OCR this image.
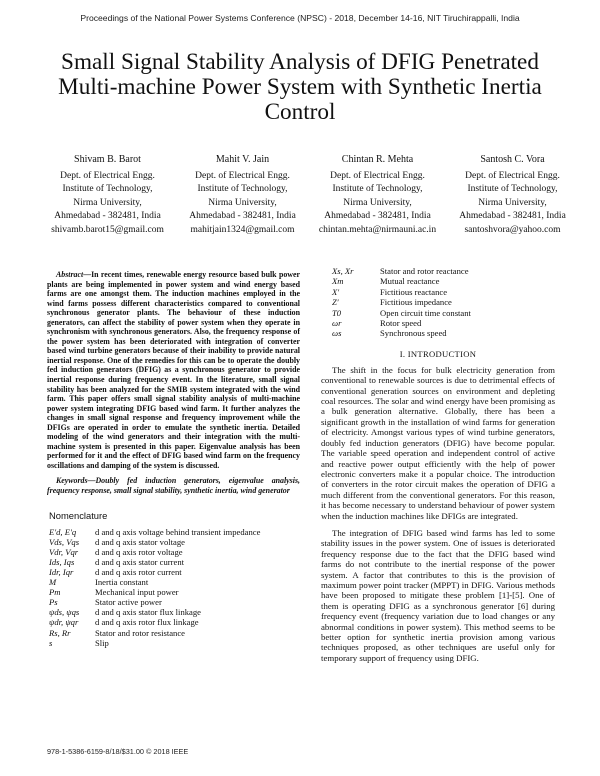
Proceedings of the National Power Systems Conference (NPSC) - 2018, December 14-16, NIT Tiruchirappalli, India
Small Signal Stability Analysis of DFIG Penetrated Multi-machine Power System with Synthetic Inertia Control
Shivam B. Barot
Dept. of Electrical Engg.
Institute of Technology,
Nirma University,
Ahmedabad - 382481, India
shivamb.barot15@gmail.com
Mahit V. Jain
Dept. of Electrical Engg.
Institute of Technology,
Nirma University,
Ahmedabad - 382481, India
mahitjain1324@gmail.com
Chintan R. Mehta
Dept. of Electrical Engg.
Institute of Technology,
Nirma University,
Ahmedabad - 382481, India
chintan.mehta@nirmauni.ac.in
Santosh C. Vora
Dept. of Electrical Engg.
Institute of Technology,
Nirma University,
Ahmedabad - 382481, India
santoshvora@yahoo.com

Abstract—In recent times, renewable energy resource based bulk power plants are being implemented in power system and wind energy based farms are one amongst them. The induction machines employed in the wind farms possess different characteristics compared to conventional synchronous generator plants. The behaviour of these induction generators, can affect the stability of power system when they operate in synchronism with synchronous generators. Also, the frequency response of the power system has been deteriorated with integration of converter based wind turbine generators because of their inability to provide natural inertial response. One of the remedies for this can be to operate the doubly fed induction generators (DFIG) as a synchronous generator to provide inertial response during frequency event. In the literature, small signal stability has been analyzed for the SMIB system integrated with the wind farm. This paper offers small signal stability analysis of multi-machine power system integrating DFIG based wind farm. It further analyzes the changes in small signal response and frequency improvement while the DFIGs are operated in order to emulate the synthetic inertia. Detailed modeling of the wind generators and their integration with the multi-machine system is presented in this paper. Eigenvalue analysis has been performed for it and the effect of DFIG based wind farm on the frequency oscillations and damping of the system is discussed.

Keywords—Doubly fed induction generators, eigenvalue analysis, frequency response, small signal stability, synthetic inertia, wind generator

Nomenclature
E′d, E′q	d and q axis voltage behind transient impedance
Vds, Vqs	d and q axis stator voltage
Vdr, Vqr	d and q axis rotor voltage
Ids, Iqs	d and q axis stator current
Idr, Iqr	d and q axis rotor current
M	Inertia constant
Pm	Mechanical input power
Ps	Stator active power
ψds, ψqs	d and q axis stator flux linkage
ψdr, ψqr	d and q axis rotor flux linkage
Rs, Rr	Stator and rotor resistance
s	Slip
978-1-5386-6159-8/18/$31.00 © 2018 IEEE
Xs, Xr	Stator and rotor reactance
Xm	Mutual reactance
X′	Fictitious reactance
Z′	Fictitious impedance
T0	Open circuit time constant
ωr	Rotor speed
ωs	Synchronous speed
I. INTRODUCTION

The shift in the focus for bulk electricity generation from conventional to renewable sources is due to detrimental effects of conventional generation sources on environment and depleting coal resources. The solar and wind energy have been promising as a bulk generation alternative. Globally, there has been a significant growth in the installation of wind farms for generation of electricity. Amongst various types of wind turbine generators, doubly fed induction generators (DFIG) have become popular. The variable speed operation and independent control of active and reactive power output efficiently with the help of power electronic converters make it a popular choice. The introduction of converters in the rotor circuit makes the operation of DFIG a much different from the conventional generators. For this reason, it has become necessary to understand behaviour of power system when the induction machines like DFIGs are integrated.

The integration of DFIG based wind farms has led to some stability issues in the power system. One of issues is deteriorated frequency response due to the fact that the DFIG based wind farms do not contribute to the inertial response of the power system. A factor that contributes to this is the provision of maximum power point tracker (MPPT) in DFIG. Various methods have been proposed to mitigate these problem [1]-[5]. One of them is operating DFIG as a synchronous generator [6] during frequency event (frequency variation due to load changes or any abnormal conditions in power system). This method seems to be better option for synthetic inertia provision among various techniques proposed, as other techniques are useful only for temporary support of frequency using DFIG.
